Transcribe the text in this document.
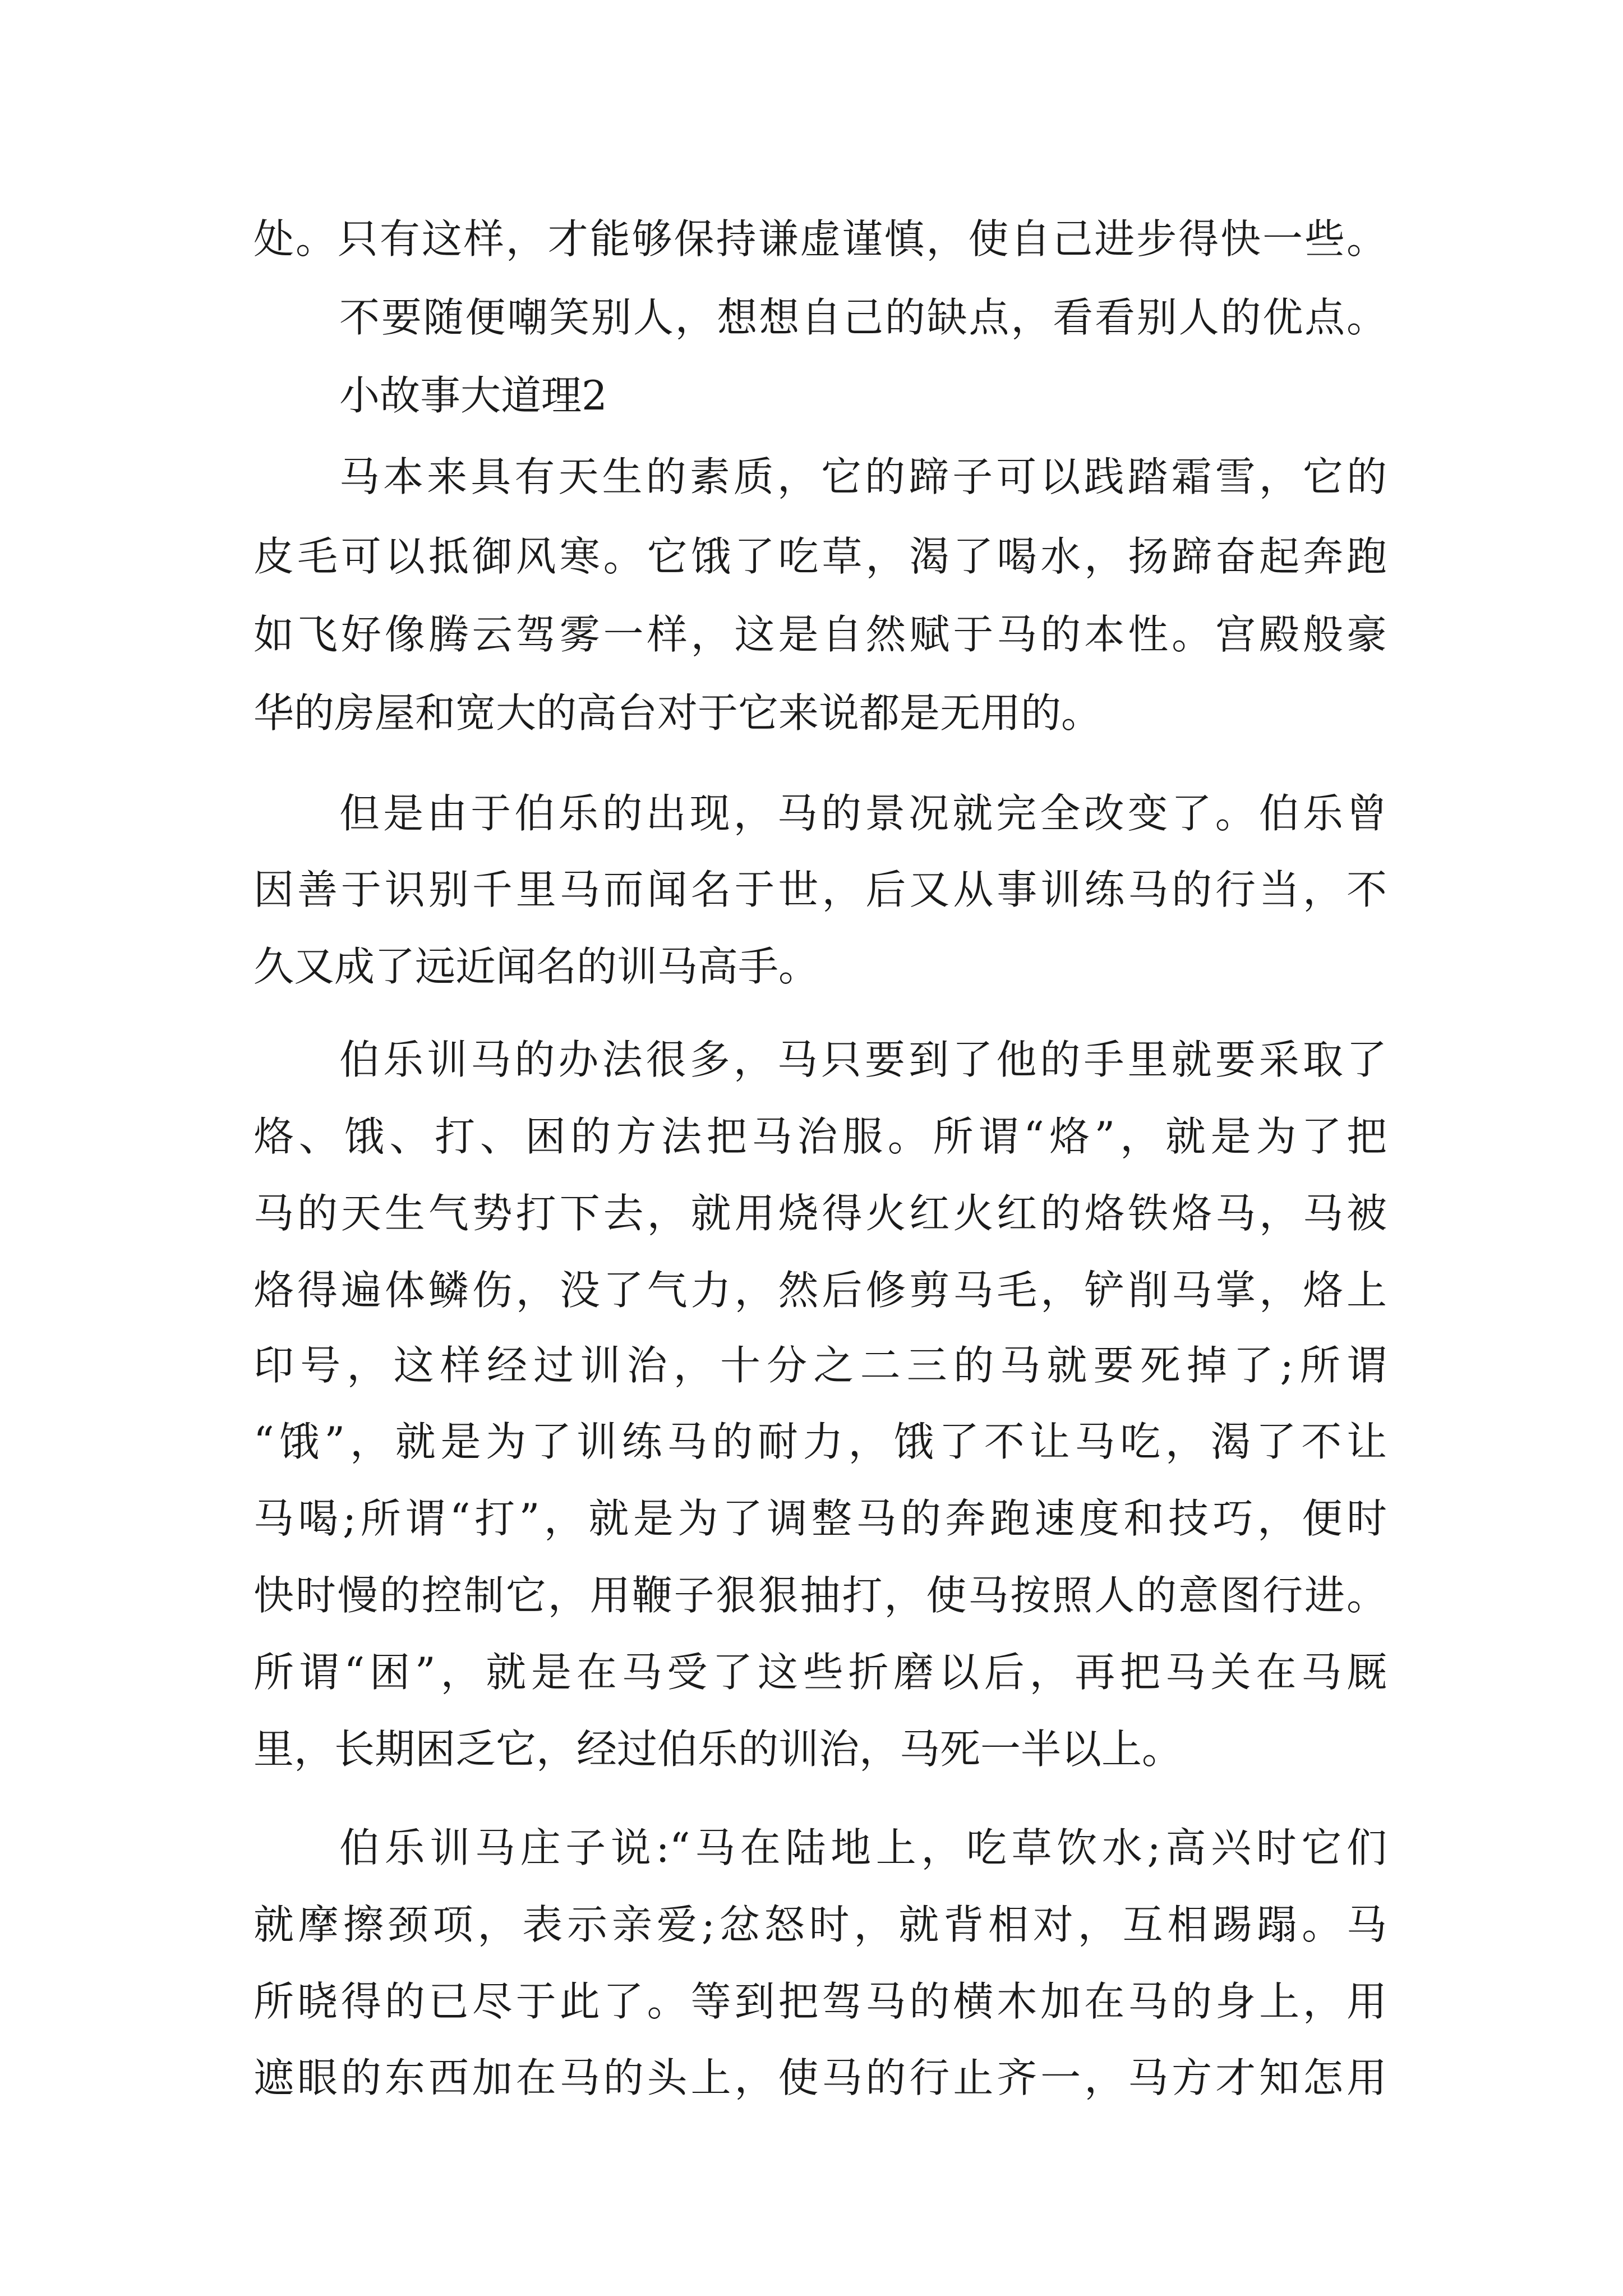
处。只有这样，才能够保持谦虚谨慎，使自己进步得快一些。
不要随便嘲笑别人，想想自己的缺点，看看别人的优点。
小故事大道理2
马本来具有天生的素质，它的蹄子可以践踏霜雪，它的
皮毛可以抵御风寒。它饿了吃草，渴了喝水，扬蹄奋起奔跑
如飞好像腾云驾雾一样，这是自然赋于马的本性。宫殿般豪
华的房屋和宽大的高台对于它来说都是无用的。
但是由于伯乐的出现，马的景况就完全改变了。伯乐曾
因善于识别千里马而闻名于世，后又从事训练马的行当，不
久又成了远近闻名的训马高手。
伯乐训马的办法很多，马只要到了他的手里就要采取了
烙、饿、打、困的方法把马治服。所谓“烙”，就是为了把
马的天生气势打下去，就用烧得火红火红的烙铁烙马，马被
烙得遍体鳞伤，没了气力，然后修剪马毛，铲削马掌，烙上
印号，这样经过训治，十分之二三的马就要死掉了;所谓
“饿”，就是为了训练马的耐力，饿了不让马吃，渴了不让
马喝;所谓“打”，就是为了调整马的奔跑速度和技巧，便时
快时慢的控制它，用鞭子狠狠抽打，使马按照人的意图行进。
所谓“困”，就是在马受了这些折磨以后，再把马关在马厩
里，长期困乏它，经过伯乐的训治，马死一半以上。
伯乐训马庄子说:“马在陆地上，吃草饮水;高兴时它们
就摩擦颈项，表示亲爱;忿怒时，就背相对，互相踢蹋。马
所晓得的已尽于此了。等到把驾马的横木加在马的身上，用
遮眼的东西加在马的头上，使马的行止齐一，马方才知怎用
